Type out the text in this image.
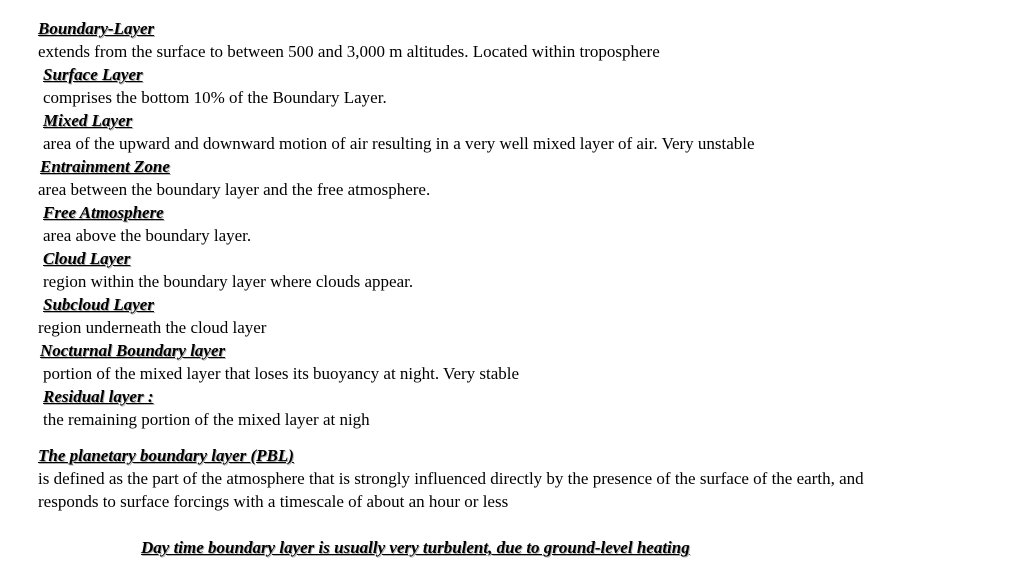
Boundary-Layer
extends from the surface to between 500 and 3,000 m altitudes. Located within troposphere
Surface Layer
comprises the bottom 10% of the Boundary Layer.
Mixed Layer
area of the upward and downward motion of air resulting in a very well mixed layer of air. Very unstable
Entrainment Zone
area between the boundary layer and the free atmosphere.
Free Atmosphere
area above the boundary layer.
Cloud Layer
region within the boundary layer where clouds appear.
Subcloud Layer
region underneath the cloud layer
Nocturnal Boundary layer
portion of the mixed layer that loses its buoyancy at night. Very stable
Residual layer :
the remaining portion of the mixed layer at nigh
The planetary boundary layer (PBL)
is defined as the part of the atmosphere that is strongly influenced directly by the presence of the surface of the earth, and
responds to surface forcings with a timescale of about an hour or less
Day time boundary layer is usually very turbulent, due to ground-level heating
